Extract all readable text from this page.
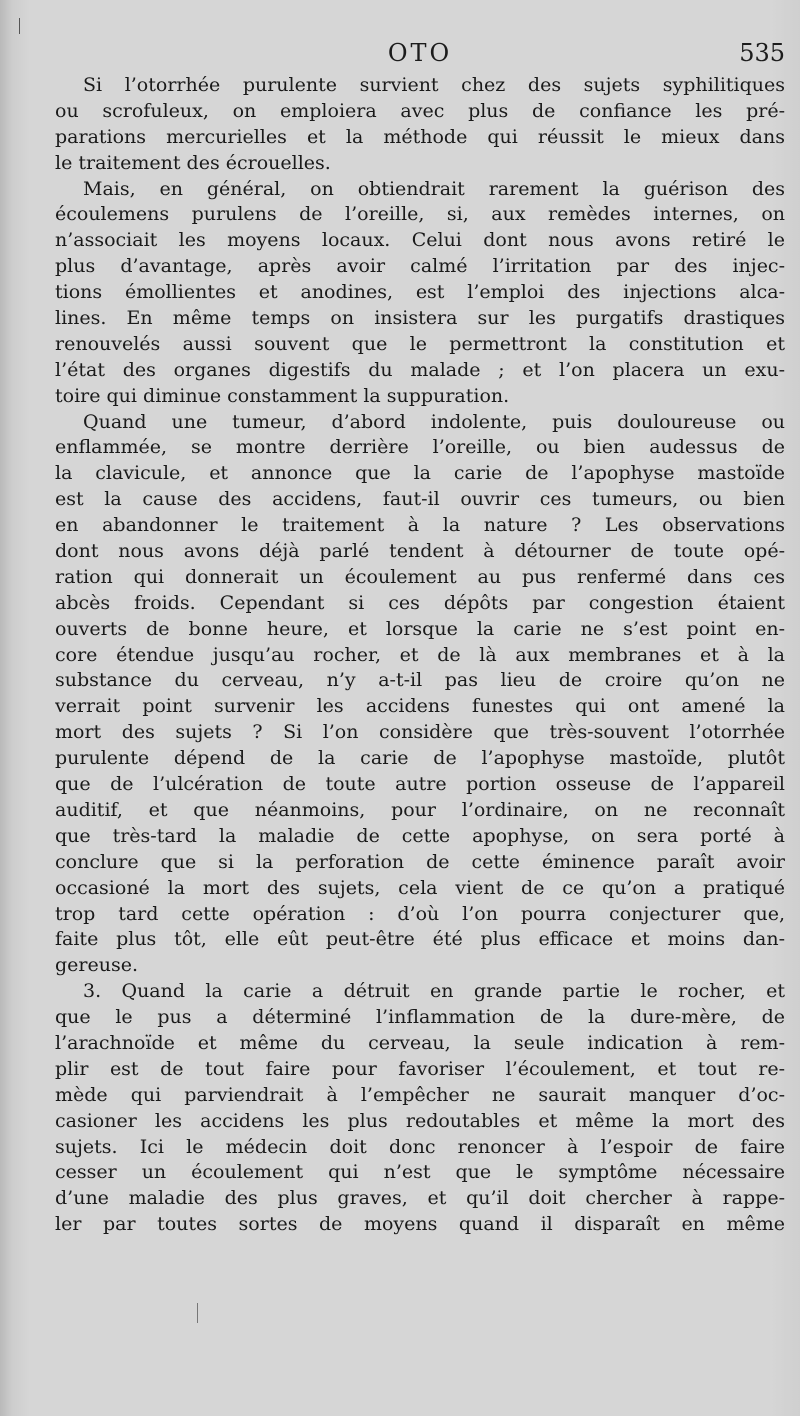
OTO	535
Si l’otorrhée purulente survient chez des sujets syphilitiques
ou scrofuleux, on emploiera avec plus de confiance les pré-
parations mercurielles et la méthode qui réussit le mieux dans
le traitement des écrouelles.
Mais, en général, on obtiendrait rarement la guérison des
écoulemens purulens de l’oreille, si, aux remèdes internes, on
n’associait les moyens locaux. Celui dont nous avons retiré le
plus d’avantage, après avoir calmé l’irritation par des injec-
tions émollientes et anodines, est l’emploi des injections alca-
lines. En même temps on insistera sur les purgatifs drastiques
renouvelés aussi souvent que le permettront la constitution et
l’état des organes digestifs du malade ; et l’on placera un exu-
toire qui diminue constamment la suppuration.
Quand une tumeur, d’abord indolente, puis douloureuse ou
enflammée, se montre derrière l’oreille, ou bien audessus de
la clavicule, et annonce que la carie de l’apophyse mastoïde
est la cause des accidens, faut-il ouvrir ces tumeurs, ou bien
en abandonner le traitement à la nature ? Les observations
dont nous avons déjà parlé tendent à détourner de toute opé-
ration qui donnerait un écoulement au pus renfermé dans ces
abcès froids. Cependant si ces dépôts par congestion étaient
ouverts de bonne heure, et lorsque la carie ne s’est point en-
core étendue jusqu’au rocher, et de là aux membranes et à la
substance du cerveau, n’y a-t-il pas lieu de croire qu’on ne
verrait point survenir les accidens funestes qui ont amené la
mort des sujets ? Si l’on considère que très-souvent l’otorrhée
purulente dépend de la carie de l’apophyse mastoïde, plutôt
que de l’ulcération de toute autre portion osseuse de l’appareil
auditif, et que néanmoins, pour l’ordinaire, on ne reconnaît
que très-tard la maladie de cette apophyse, on sera porté à
conclure que si la perforation de cette éminence paraît avoir
occasioné la mort des sujets, cela vient de ce qu’on a pratiqué
trop tard cette opération : d’où l’on pourra conjecturer que,
faite plus tôt, elle eût peut-être été plus efficace et moins dan-
gereuse.
3. Quand la carie a détruit en grande partie le rocher, et
que le pus a déterminé l’inflammation de la dure-mère, de
l’arachnoïde et même du cerveau, la seule indication à rem-
plir est de tout faire pour favoriser l’écoulement, et tout re-
mède qui parviendrait à l’empêcher ne saurait manquer d’oc-
casioner les accidens les plus redoutables et même la mort des
sujets. Ici le médecin doit donc renoncer à l’espoir de faire
cesser un écoulement qui n’est que le symptôme nécessaire
d’une maladie des plus graves, et qu’il doit chercher à rappe-
ler par toutes sortes de moyens quand il disparaît en même
